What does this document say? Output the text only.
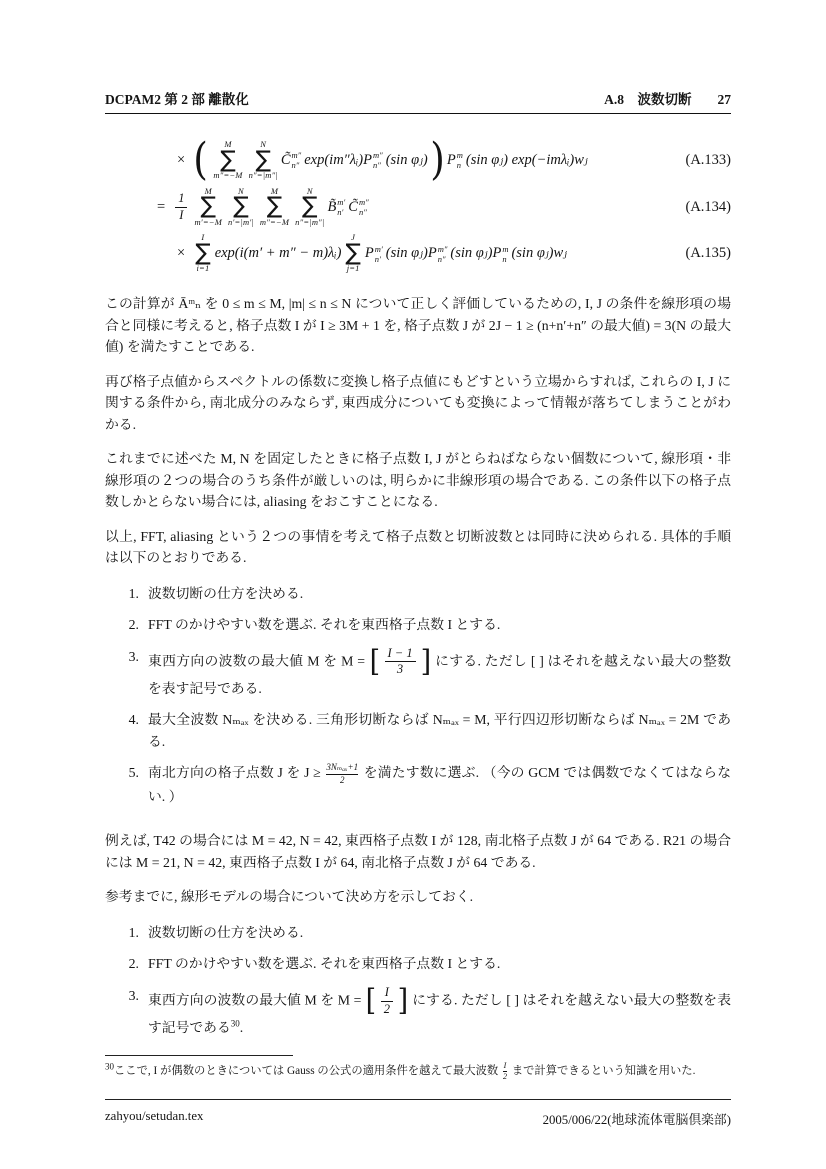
DCPAM2 第 2 部 離散化	A.8　波数切断 27
× ( M
∑
m″=−M
N
∑
n″=|m″|
C̃ m″
n″ exp(im″λᵢ) P m″
n″ (sin φⱼ) ) P m
n (sin φⱼ) exp(−imλᵢ)wⱼ	(A.133)
= $\frac{1}{I}$
M
∑
m′=−M
N
∑
n′=|m′|
M
∑
m″=−M
N
∑
n″=|m″|
B̃ m′
n′ C̃ m″
n″	(A.134)
×
I
∑
i=1
exp(i(m′ + m″ − m)λᵢ)
J
∑
j=1
P m′
n′ (sin φⱼ) P m″
n″ (sin φⱼ) P m
n (sin φⱼ)wⱼ	(A.135)

この計算が Āᵐₙ を 0 ≤ m ≤ M, |m| ≤ n ≤ N について正しく評価しているための, I, J の条件を線形項の場合と同様に考えると, 格子点数 I が I ≥ 3M + 1 を, 格子点数 J が 2J − 1 ≥ (n+n′+n″ の最大値) = 3(N の最大値) を満たすことである.

再び格子点値からスペクトルの係数に変換し格子点値にもどすという立場からすれば, これらの I, J に関する条件から, 南北成分のみならず, 東西成分についても変換によって情報が落ちてしまうことがわかる.

これまでに述べた M, N を固定したときに格子点数 I, J がとらねばならない個数について, 線形項・非線形項の２つの場合のうち条件が厳しいのは, 明らかに非線形項の場合である. この条件以下の格子点数しかとらない場合には, aliasing をおこすことになる.

以上, FFT, aliasing という２つの事情を考えて格子点数と切断波数とは同時に決められる. 具体的手順は以下のとおりである.

1. 波数切断の仕方を決める.
2. FFT のかけやすい数を選ぶ. それを東西格子点数 I とする.
3. 東西方向の波数の最大値 M を M = [ I − 1
3 ] にする. ただし [ ] はそれを越えない最大の整数を表す記号である.
4. 最大全波数 Nₘₐₓ を決める. 三角形切断ならば Nₘₐₓ = M, 平行四辺形切断ならば Nₘₐₓ = 2M である.
5. 南北方向の格子点数 J を J ≥ 3Nₘₐₓ+1
2	を満たす数に選ぶ. （今の GCM では偶数でなくてはならない. ）

例えば, T42 の場合には M = 42, N = 42, 東西格子点数 I が 128, 南北格子点数 J が 64 である. R21 の場合には M = 21, N = 42, 東西格子点数 I が 64, 南北格子点数 J が 64 である.

参考までに, 線形モデルの場合について決め方を示しておく.

1. 波数切断の仕方を決める.
2. FFT のかけやすい数を選ぶ. それを東西格子点数 I とする.
3. 東西方向の波数の最大値 M を M = [ I
2 ] にする. ただし [ ] はそれを越えない最大の整数を表す記号である$^{30}$.
$^{30}$ここで, I が偶数のときについては Gauss の公式の適用条件を越えて最大波数 $\frac{I}{2}$ まで計算できるという知識を用いた.
zahyou/setudan.tex	2005/006/22(地球流体電脳倶楽部)
